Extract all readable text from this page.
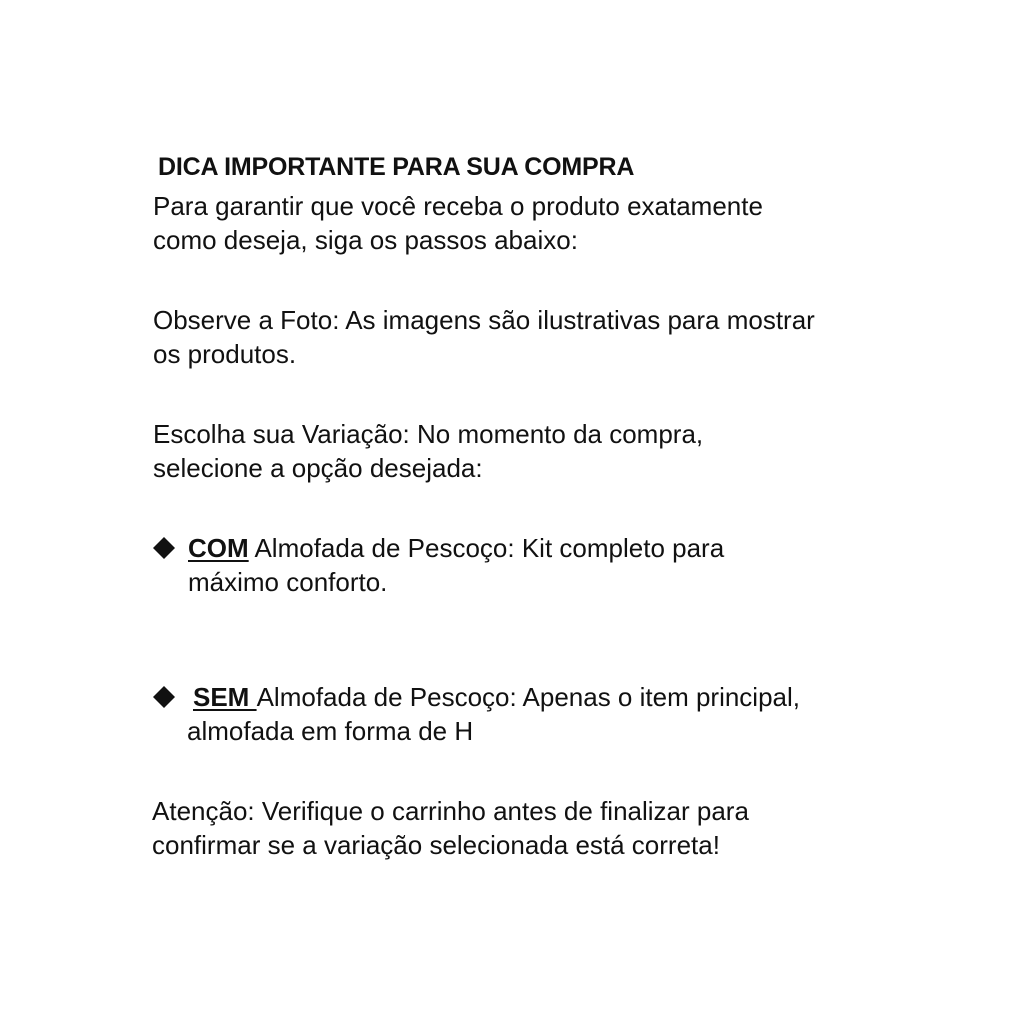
DICA IMPORTANTE PARA SUA COMPRA
Para garantir que você receba o produto exatamente
como deseja, siga os passos abaixo:
Observe a Foto: As imagens são ilustrativas para mostrar
os produtos.
Escolha sua Variação: No momento da compra,
selecione a opção desejada:
COM Almofada de Pescoço: Kit completo para
máximo conforto.
SEM Almofada de Pescoço: Apenas o item principal,
almofada em forma de H
Atenção: Verifique o carrinho antes de finalizar para
confirmar se a variação selecionada está correta!
